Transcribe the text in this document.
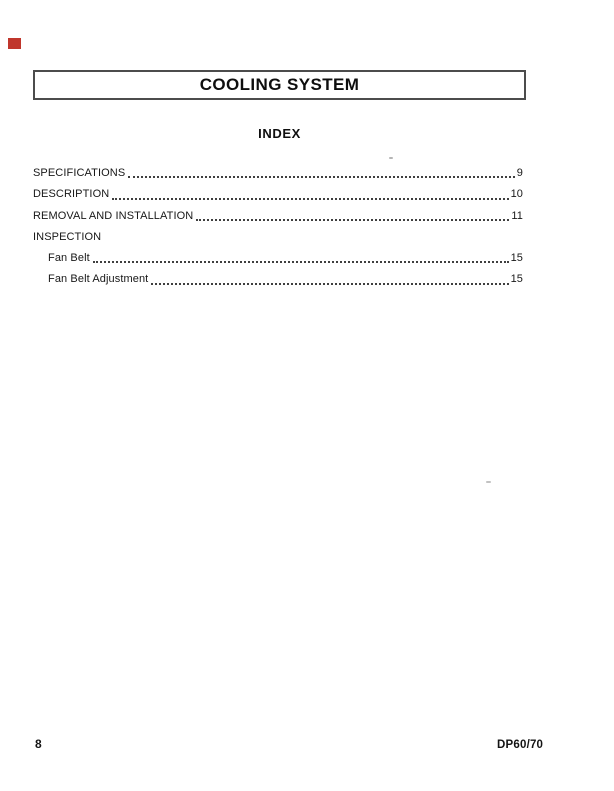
COOLING SYSTEM
INDEX
SPECIFICATIONS	9
DESCRIPTION	10
REMOVAL AND INSTALLATION	11
INSPECTION
Fan Belt	15
Fan Belt Adjustment	15
8	DP60/70
